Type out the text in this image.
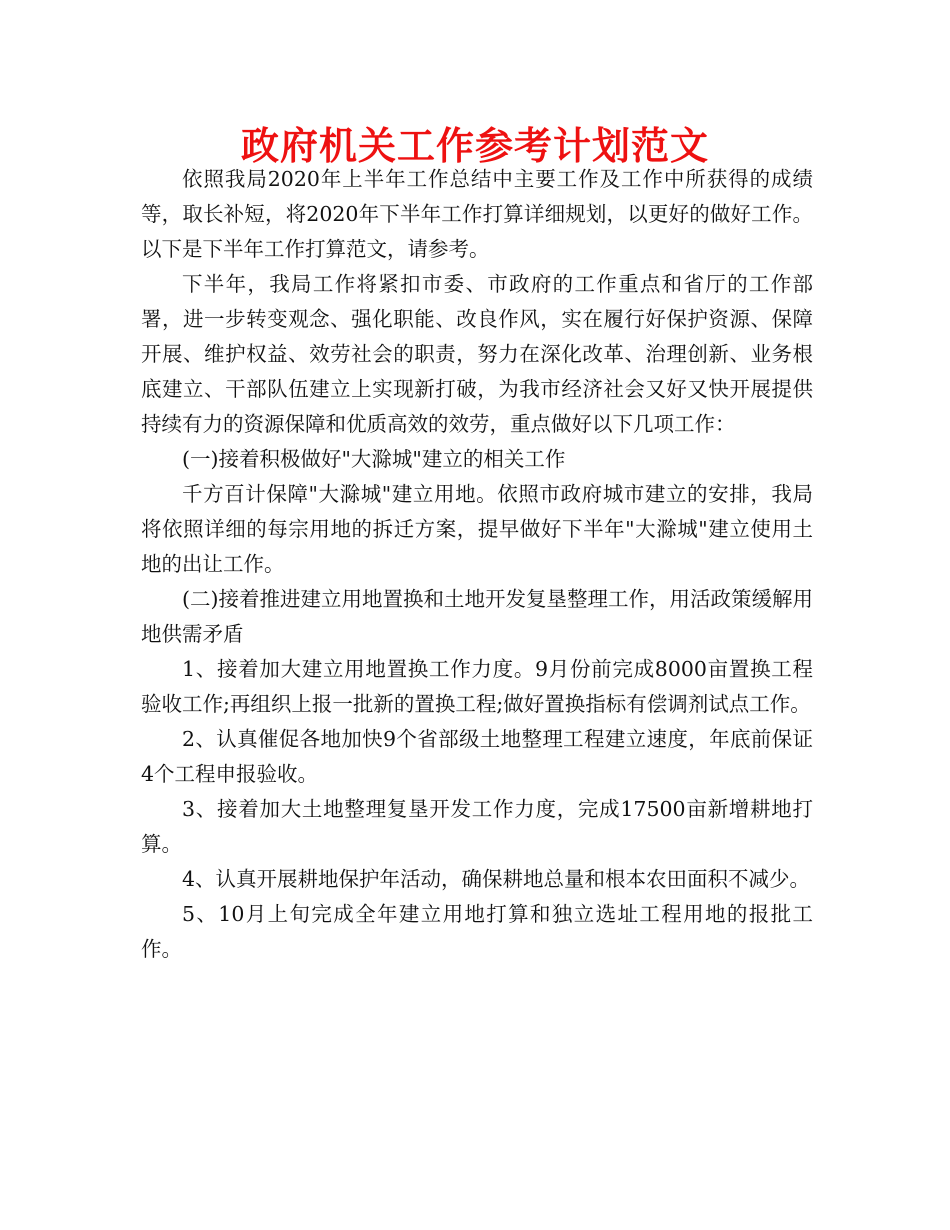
政府机关工作参考计划范文

依照我局2020年上半年工作总结中主要工作及工作中所获得的成绩等，取长补短，将2020年下半年工作打算详细规划，以更好的做好工作。以下是下半年工作打算范文，请参考。

下半年，我局工作将紧扣市委、市政府的工作重点和省厅的工作部署，进一步转变观念、强化职能、改良作风，实在履行好保护资源、保障开展、维护权益、效劳社会的职责，努力在深化改革、治理创新、业务根底建立、干部队伍建立上实现新打破，为我市经济社会又好又快开展提供持续有力的资源保障和优质高效的效劳，重点做好以下几项工作：

(一)接着积极做好"大滁城"建立的相关工作

千方百计保障"大滁城"建立用地。依照市政府城市建立的安排，我局将依照详细的每宗用地的拆迁方案，提早做好下半年"大滁城"建立使用土地的出让工作。

(二)接着推进建立用地置换和土地开发复垦整理工作，用活政策缓解用地供需矛盾

1、接着加大建立用地置换工作力度。9月份前完成8000亩置换工程验收工作;再组织上报一批新的置换工程;做好置换指标有偿调剂试点工作。

2、认真催促各地加快9个省部级土地整理工程建立速度，年底前保证4个工程申报验收。

3、接着加大土地整理复垦开发工作力度，完成17500亩新增耕地打算。

4、认真开展耕地保护年活动，确保耕地总量和根本农田面积不减少。

5、10月上旬完成全年建立用地打算和独立选址工程用地的报批工作。
